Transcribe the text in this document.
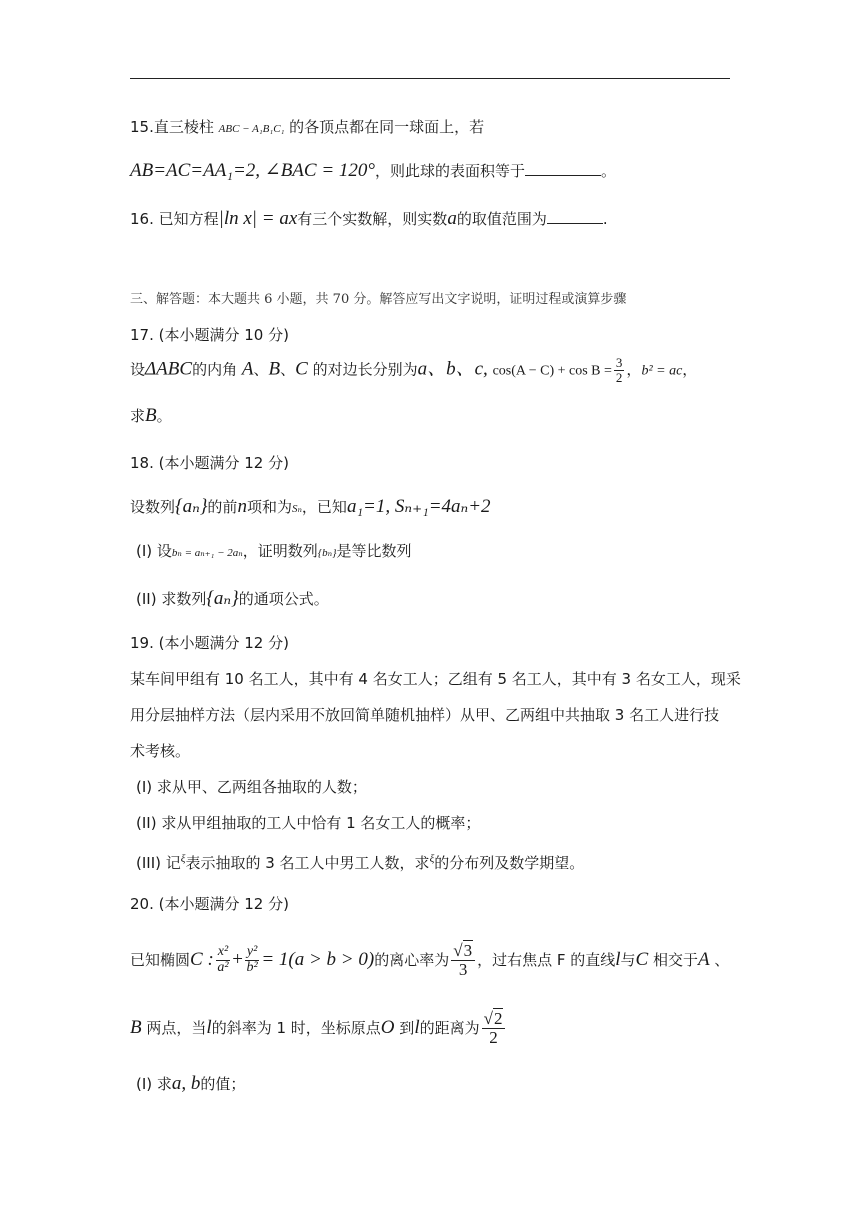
15.直三棱柱 ABC − A₁B₁C₁ 的各顶点都在同一球面上，若
AB=AC=AA₁=2, ∠BAC = 120°，则此球的表面积等于	。
16. 已知方程|ln x| = ax有三个实数解，则实数a的取值范围为	.
三、解答题：本大题共 6 小题，共 70 分。解答应写出文字说明，证明过程或演算步骤
17. (本小题满分 10 分)
设ΔABC的内角 A、B、C 的对边长分别为a、b、c, $\cos(A - C) + \cos B = \frac{3}{2}$ ，b² = ac，
求B。
18. (本小题满分 12 分)
设数列{aₙ}的前n项和为Sₙ，已知a₁=1, Sₙ₊₁=4aₙ+2
(I) 设bₙ = aₙ₊₁ − 2aₙ，证明数列{bₙ}是等比数列
(II) 求数列{aₙ}的通项公式。
19. (本小题满分 12 分)
某车间甲组有 10 名工人，其中有 4 名女工人；乙组有 5 名工人，其中有 3 名女工人，现采
用分层抽样方法（层内采用不放回简单随机抽样）从甲、乙两组中共抽取 3 名工人进行技
术考核。
(I) 求从甲、乙两组各抽取的人数；
(II) 求从甲组抽取的工人中恰有 1 名女工人的概率；
(III) 记$^\xi$表示抽取的 3 名工人中男工人数，求$^\xi$的分布列及数学期望。
20. (本小题满分 12 分)
已知椭圆C : $\frac{\text{x²}}{\text{a²}} + \frac{\text{y²}}{\text{b²}} = 1(a > b > 0)$的离心率为 $\frac{√3}{3}$ ，过右焦点 F 的直线l与C 相交于A 、
B 两点，当l的斜率为 1 时，坐标原点O 到l的距离为 $\frac{√2}{2}$
(I) 求a, b的值；
